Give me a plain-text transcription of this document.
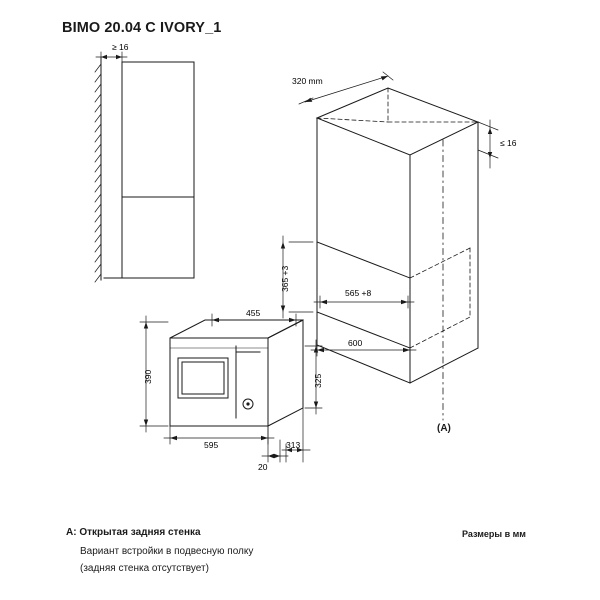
BIMO 20.04 C IVORY_1
≥ 16
320 mm
≤ 16
365 +3
565 +8
600
455
390	325
595	313
20
(A)
A: Открытая задняя стенка
Вариант встройки в подвесную полку
(задняя стенка отсутствует)
Размеры в мм
